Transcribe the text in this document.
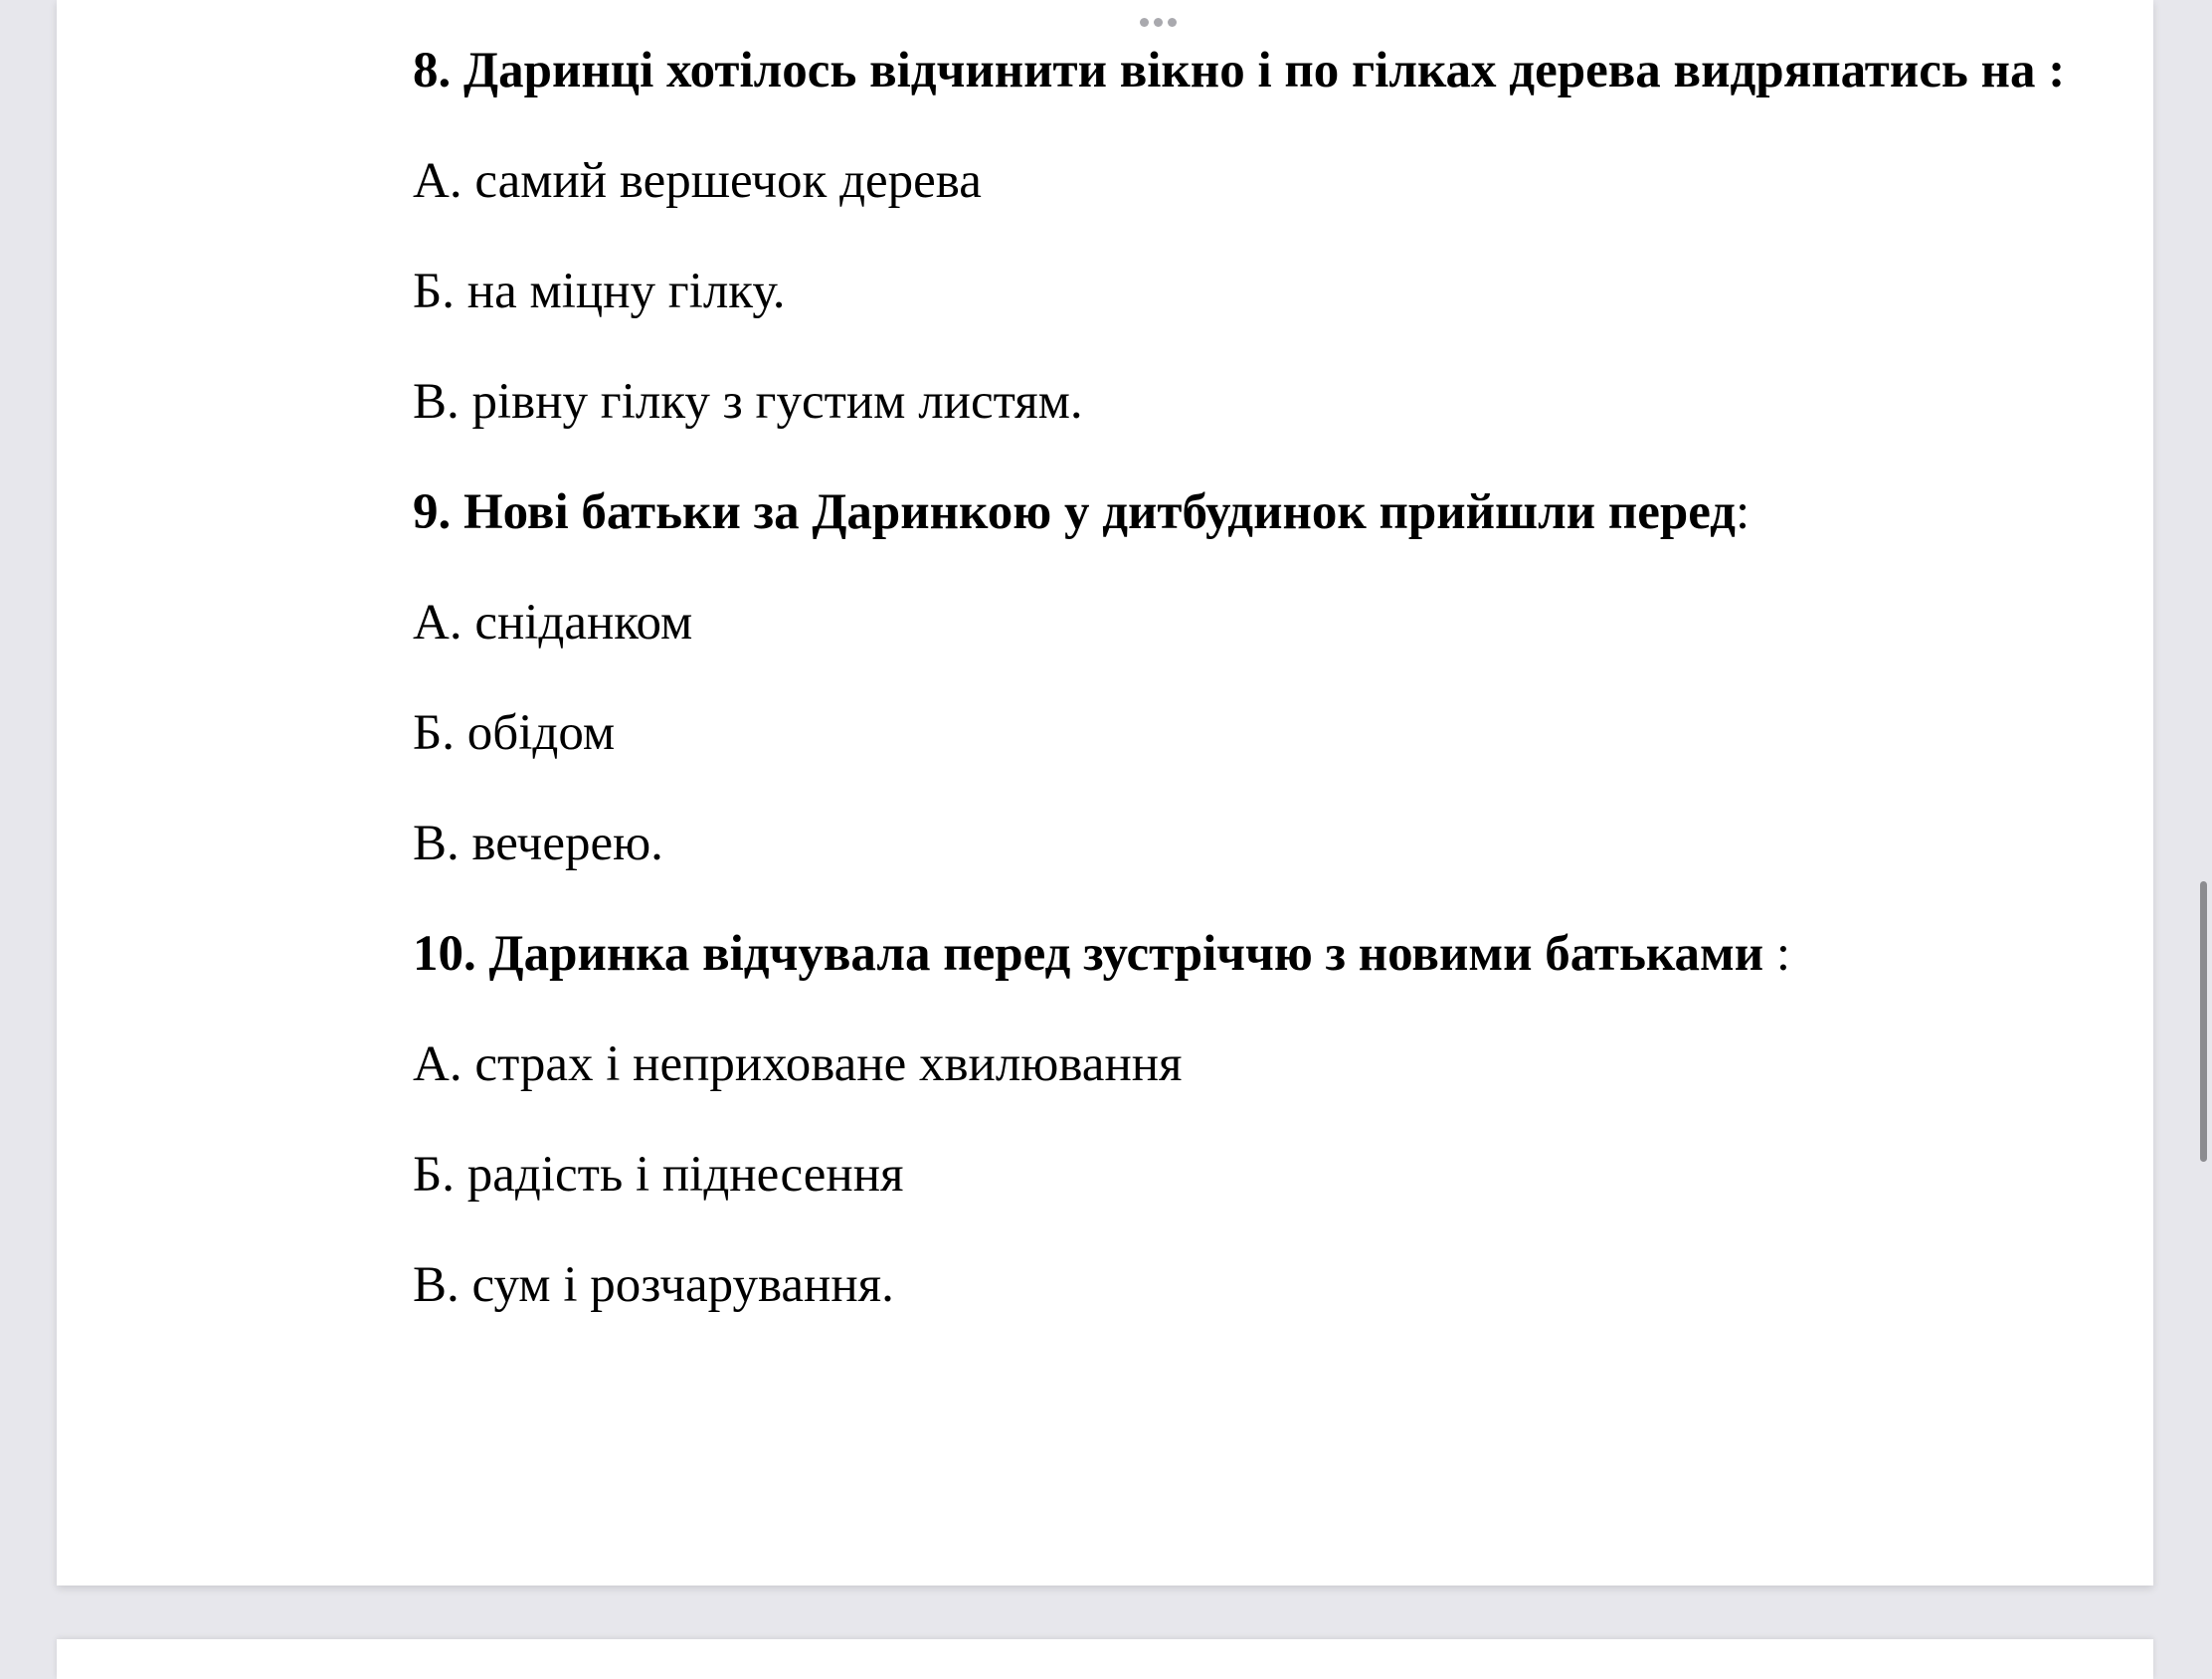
8. Даринці хотілось відчинити вікно і по гілках дерева видряпатись на :

А. самий вершечок дерева

Б. на міцну гілку.

В. рівну гілку з густим листям.

9. Нові батьки за Даринкою у дитбудинок прийшли перед:

А. сніданком

Б. обідом

В. вечерею.

10. Даринка відчувала перед зустріччю з новими батьками :

А. страх і неприховане хвилювання

Б. радість і піднесення

В. сум і розчарування.
